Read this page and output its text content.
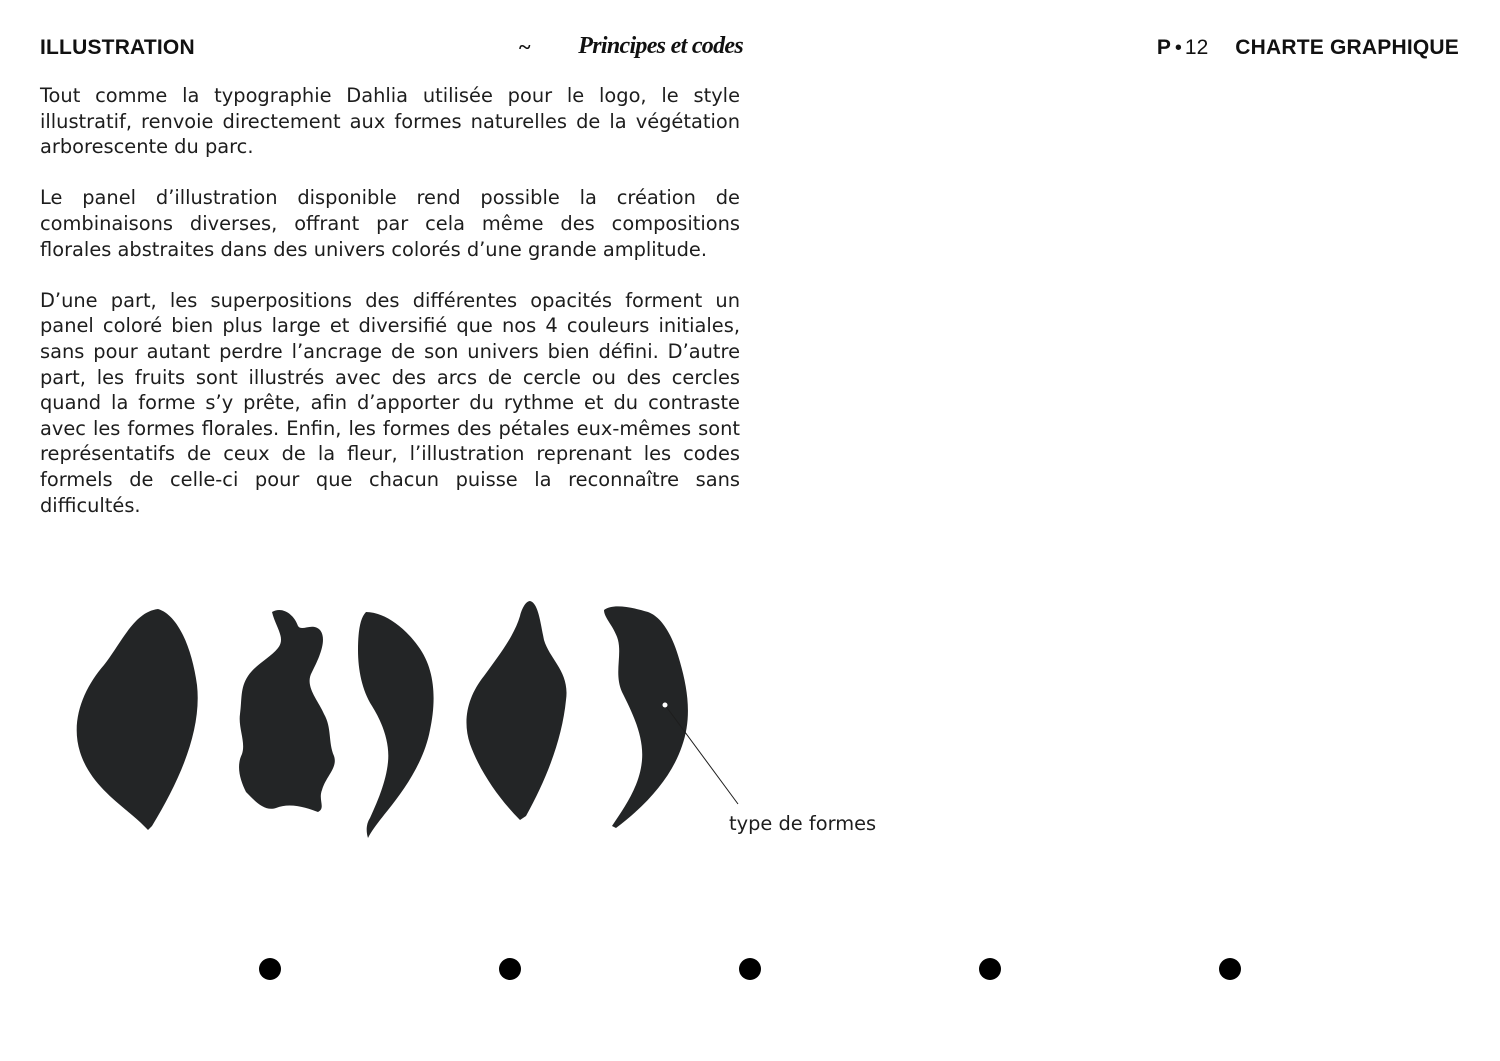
ILLUSTRATION	~ Principes et codes	P • 12 CHARTE GRAPHIQUE

Tout comme la typographie Dahlia utilisée pour le logo, le style illustratif, renvoie directement aux formes naturelles de la végétation arborescente du parc.

Le panel d’illustration disponible rend possible la création de combinaisons diverses, offrant par cela même des compositions florales abstraites dans des univers colorés d’une grande amplitude.

D’une part, les superpositions des différentes opacités forment un panel coloré bien plus large et diversifié que nos 4 couleurs initiales, sans pour autant perdre l’ancrage de son univers bien défini. D’autre part, les fruits sont illustrés avec des arcs de cercle ou des cercles quand la forme s’y prête, afin d’apporter du rythme et du contraste avec les formes florales. Enfin, les formes des pétales eux-mêmes sont représentatifs de ceux de la fleur, l’illustration reprenant les codes formels de celle-ci pour que chacun puisse la reconnaître sans difficultés.

type de formes
